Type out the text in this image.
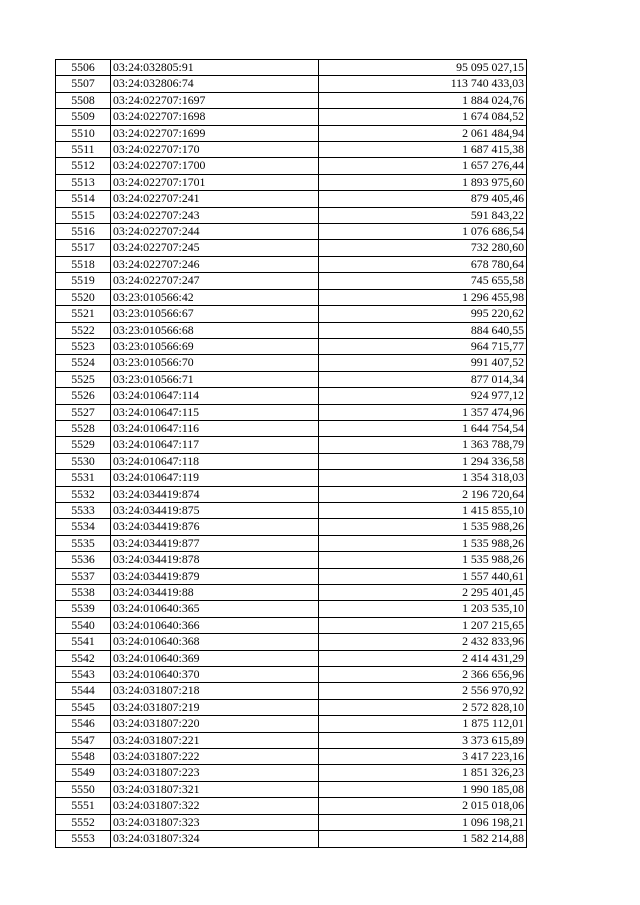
5506	03:24:032805:91	95 095 027,15
5507	03:24:032806:74	113 740 433,03
5508	03:24:022707:1697	1 884 024,76
5509	03:24:022707:1698	1 674 084,52
5510	03:24:022707:1699	2 061 484,94
5511	03:24:022707:170	1 687 415,38
5512	03:24:022707:1700	1 657 276,44
5513	03:24:022707:1701	1 893 975,60
5514	03:24:022707:241	879 405,46
5515	03:24:022707:243	591 843,22
5516	03:24:022707:244	1 076 686,54
5517	03:24:022707:245	732 280,60
5518	03:24:022707:246	678 780,64
5519	03:24:022707:247	745 655,58
5520	03:23:010566:42	1 296 455,98
5521	03:23:010566:67	995 220,62
5522	03:23:010566:68	884 640,55
5523	03:23:010566:69	964 715,77
5524	03:23:010566:70	991 407,52
5525	03:23:010566:71	877 014,34
5526	03:24:010647:114	924 977,12
5527	03:24:010647:115	1 357 474,96
5528	03:24:010647:116	1 644 754,54
5529	03:24:010647:117	1 363 788,79
5530	03:24:010647:118	1 294 336,58
5531	03:24:010647:119	1 354 318,03
5532	03:24:034419:874	2 196 720,64
5533	03:24:034419:875	1 415 855,10
5534	03:24:034419:876	1 535 988,26
5535	03:24:034419:877	1 535 988,26
5536	03:24:034419:878	1 535 988,26
5537	03:24:034419:879	1 557 440,61
5538	03:24:034419:88	2 295 401,45
5539	03:24:010640:365	1 203 535,10
5540	03:24:010640:366	1 207 215,65
5541	03:24:010640:368	2 432 833,96
5542	03:24:010640:369	2 414 431,29
5543	03:24:010640:370	2 366 656,96
5544	03:24:031807:218	2 556 970,92
5545	03:24:031807:219	2 572 828,10
5546	03:24:031807:220	1 875 112,01
5547	03:24:031807:221	3 373 615,89
5548	03:24:031807:222	3 417 223,16
5549	03:24:031807:223	1 851 326,23
5550	03:24:031807:321	1 990 185,08
5551	03:24:031807:322	2 015 018,06
5552	03:24:031807:323	1 096 198,21
5553	03:24:031807:324	1 582 214,88
